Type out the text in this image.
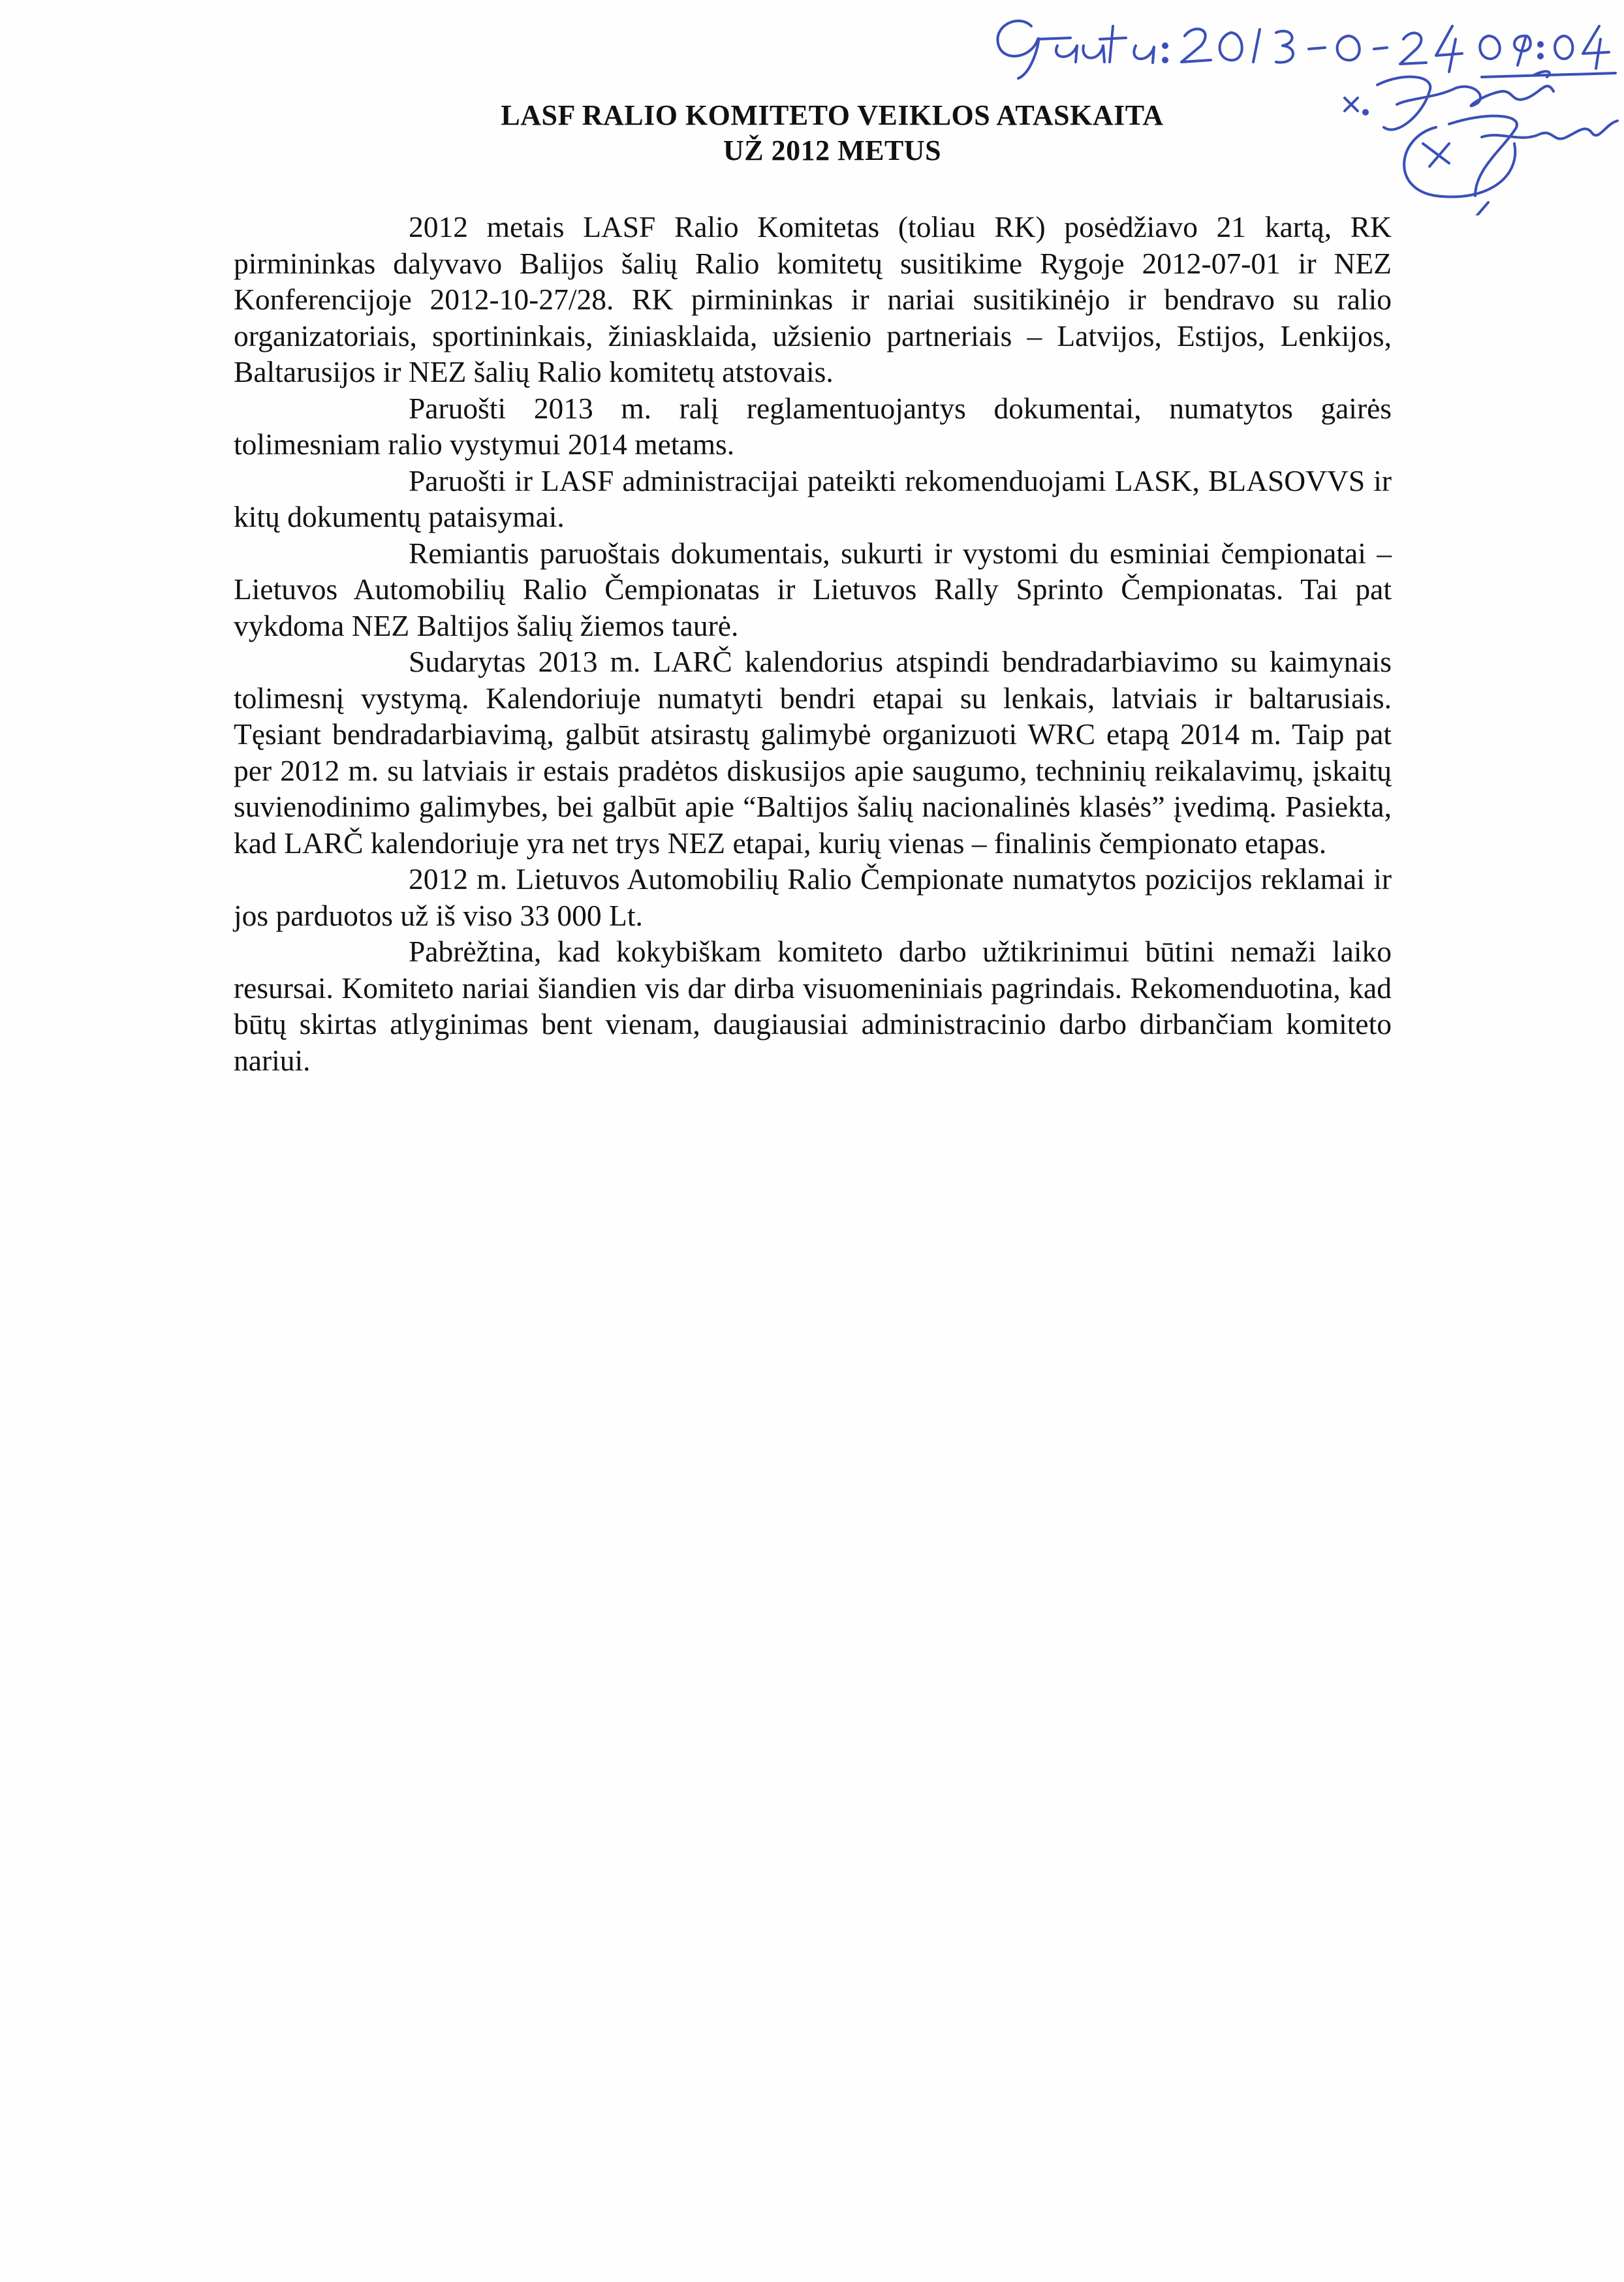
LASF RALIO KOMITETO VEIKLOS ATASKAITA
UŽ 2012 METUS

2012 metais LASF Ralio Komitetas (toliau RK) posėdžiavo 21 kartą, RK pirmininkas dalyvavo Balijos šalių Ralio komitetų susitikime Rygoje 2012-07-01 ir NEZ Konferencijoje 2012-10-27/28. RK pirmininkas ir nariai susitikinėjo ir bendravo su ralio organizatoriais, sportininkais, žiniasklaida, užsienio partneriais – Latvijos, Estijos, Lenkijos, Baltarusijos ir NEZ šalių Ralio komitetų atstovais.

Paruošti 2013 m. ralį reglamentuojantys dokumentai, numatytos gairės tolimesniam ralio vystymui 2014 metams.

Paruošti ir LASF administracijai pateikti rekomenduojami LASK, BLASOVVS ir kitų dokumentų pataisymai.

Remiantis paruoštais dokumentais, sukurti ir vystomi du esminiai čempionatai – Lietuvos Automobilių Ralio Čempionatas ir Lietuvos Rally Sprinto Čempionatas. Tai pat vykdoma NEZ Baltijos šalių žiemos taurė.

Sudarytas 2013 m. LARČ kalendorius atspindi bendradarbiavimo su kaimynais tolimesnį vystymą. Kalendoriuje numatyti bendri etapai su lenkais, latviais ir baltarusiais. Tęsiant bendradarbiavimą, galbūt atsirastų galimybė organizuoti WRC etapą 2014 m. Taip pat per 2012 m. su latviais ir estais pradėtos diskusijos apie saugumo, techninių reikalavimų, įskaitų suvienodinimo galimybes, bei galbūt apie “Baltijos šalių nacionalinės klasės” įvedimą. Pasiekta, kad LARČ kalendoriuje yra net trys NEZ etapai, kurių vienas – finalinis čempionato etapas.

2012 m. Lietuvos Automobilių Ralio Čempionate numatytos pozicijos reklamai ir jos parduotos už iš viso 33 000 Lt.

Pabrėžtina, kad kokybiškam komiteto darbo užtikrinimui būtini nemaži laiko resursai. Komiteto nariai šiandien vis dar dirba visuomeniniais pagrindais. Rekomenduotina, kad būtų skirtas atlyginimas bent vienam, daugiausiai administracinio darbo dirbančiam komiteto nariui.
